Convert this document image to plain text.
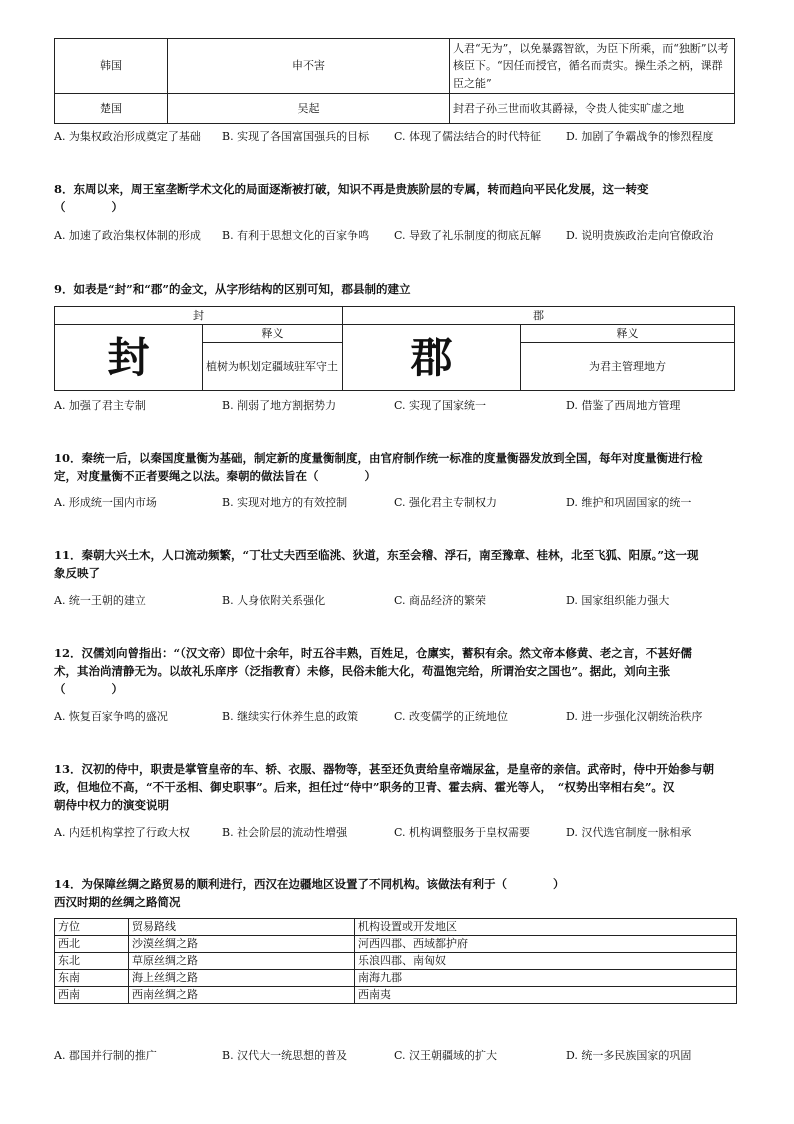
韩国	申不害	人君“无为”，以免暴露智欲，为臣下所乘，而“独断”以考核臣下。“因任而授官，循名而责实。操生杀之柄，课群臣之能”
楚国	吴起	封君子孙三世而收其爵禄，令贵人徙实旷虚之地
A. 为集权政治形成奠定了基础 B. 实现了各国富国强兵的目标 C. 体现了儒法结合的时代特征 D. 加剧了争霸战争的惨烈程度

8．东周以来，周王室垄断学术文化的局面逐渐被打破，知识不再是贵族阶层的专属，转而趋向平民化发展，这一转变
（　　　　）

A. 加速了政治集权体制的形成 B. 有利于思想文化的百家争鸣 C. 导致了礼乐制度的彻底瓦解 D. 说明贵族政治走向官僚政治

9．如表是“封”和“郡”的金文，从字形结构的区别可知，郡县制的建立

封		郡	
封	释义	郡	释义
	植树为帜划定疆域驻军守土		为君主管理地方
A. 加强了君主专制	B. 削弱了地方割据势力	C. 实现了国家统一	D. 借鉴了西周地方管理

10．秦统一后，以秦国度量衡为基础，制定新的度量衡制度，由官府制作统一标准的度量衡器发放到全国，每年对度量衡进行检
定，对度量衡不正者要绳之以法。秦朝的做法旨在（　　　　）

A. 形成统一国内市场	B. 实现对地方的有效控制	C. 强化君主专制权力	D. 维护和巩固国家的统一

11．秦朝大兴土木，人口流动频繁，“丁壮丈夫西至临洮、狄道，东至会稽、浮石，南至豫章、桂林，北至飞狐、阳原。”这一现
象反映了

A. 统一王朝的建立	B. 人身依附关系强化	C. 商品经济的繁荣	D. 国家组织能力强大

12．汉儒刘向曾指出：“（汉文帝）即位十余年，时五谷丰熟，百姓足，仓廪实，蓄积有余。然文帝本修黄、老之言，不甚好儒
术，其治尚清静无为。以故礼乐庠序（泛指教育）未修，民俗未能大化，苟温饱完给，所谓治安之国也”。据此，刘向主张
（　　　　）

A. 恢复百家争鸣的盛况	B. 继续实行休养生息的政策	C. 改变儒学的正统地位	D. 进一步强化汉朝统治秩序

13．汉初的侍中，职责是掌管皇帝的车、轿、衣服、器物等，甚至还负责给皇帝端尿盆，是皇帝的亲信。武帝时，侍中开始参与朝
政，但地位不高，“不干丞相、御史职事”。后来，担任过“侍中”职务的卫青、霍去病、霍光等人，　“权势出宰相右矣”。汉
朝侍中权力的演变说明

A. 内廷机构掌控了行政大权	B. 社会阶层的流动性增强	C. 机构调整服务于皇权需要	D. 汉代选官制度一脉相承

14．为保障丝绸之路贸易的顺利进行，西汉在边疆地区设置了不同机构。该做法有利于（　　　　）
西汉时期的丝绸之路简况

方位	贸易路线	机构设置或开发地区
西北	沙漠丝绸之路	河西四郡、西域都护府
东北	草原丝绸之路	乐浪四郡、南匈奴
东南	海上丝绸之路	南海九郡
西南	西南丝绸之路	西南夷
A. 郡国并行制的推广	B. 汉代大一统思想的普及	C. 汉王朝疆域的扩大	D. 统一多民族国家的巩固
